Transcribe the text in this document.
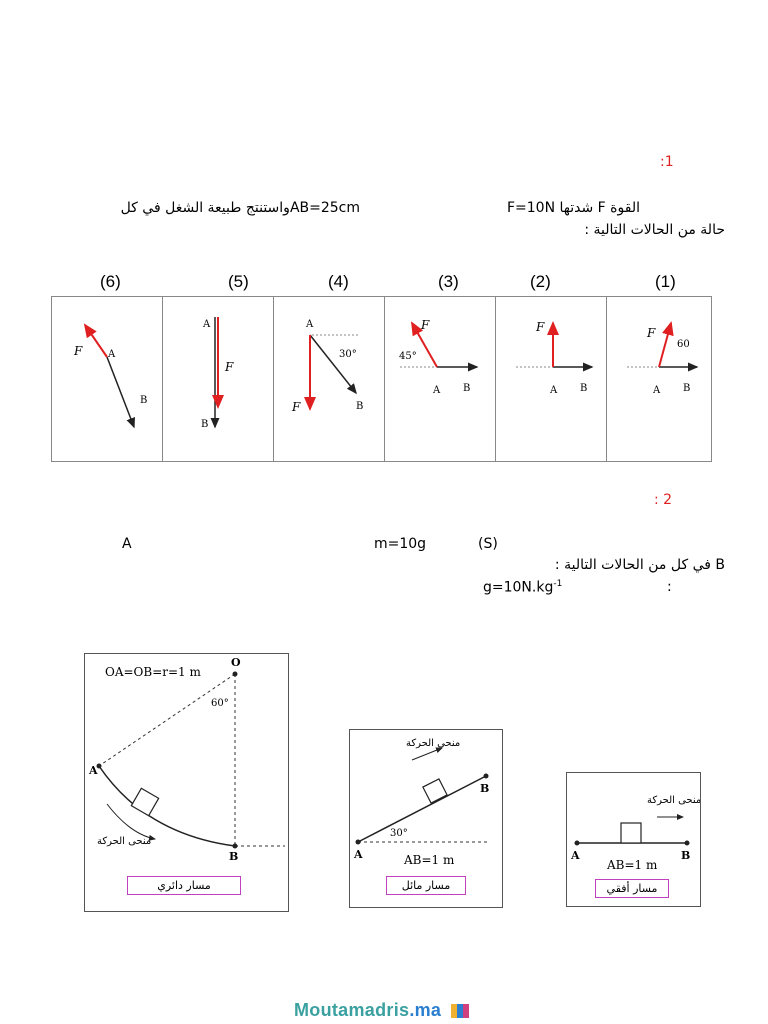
:1
القوة F شدتها F=10N
AB=25cmواستنتج طبيعة الشغل في كل
حالة من الحالات التالية :
(6)	(5)	(4)	(3)	(2)	(1)
F	A
B
A
F
B
A
30°
F	B
F
45°
A B
F
A B
F
60
A B
: 2
A	m=10g	(S)
B في كل من الحالات التالية :
$g=10N.kg^{-1}$	:
OA=OB=r=1 m
O
60°
A
B
منحى الحركة
مسار دائري
منحى الحركة
B
30°
A	AB=1 m
مسار مائل
منحى الحركة
A	B
AB=1 m
مسار أفقي
Moutamadris.ma
